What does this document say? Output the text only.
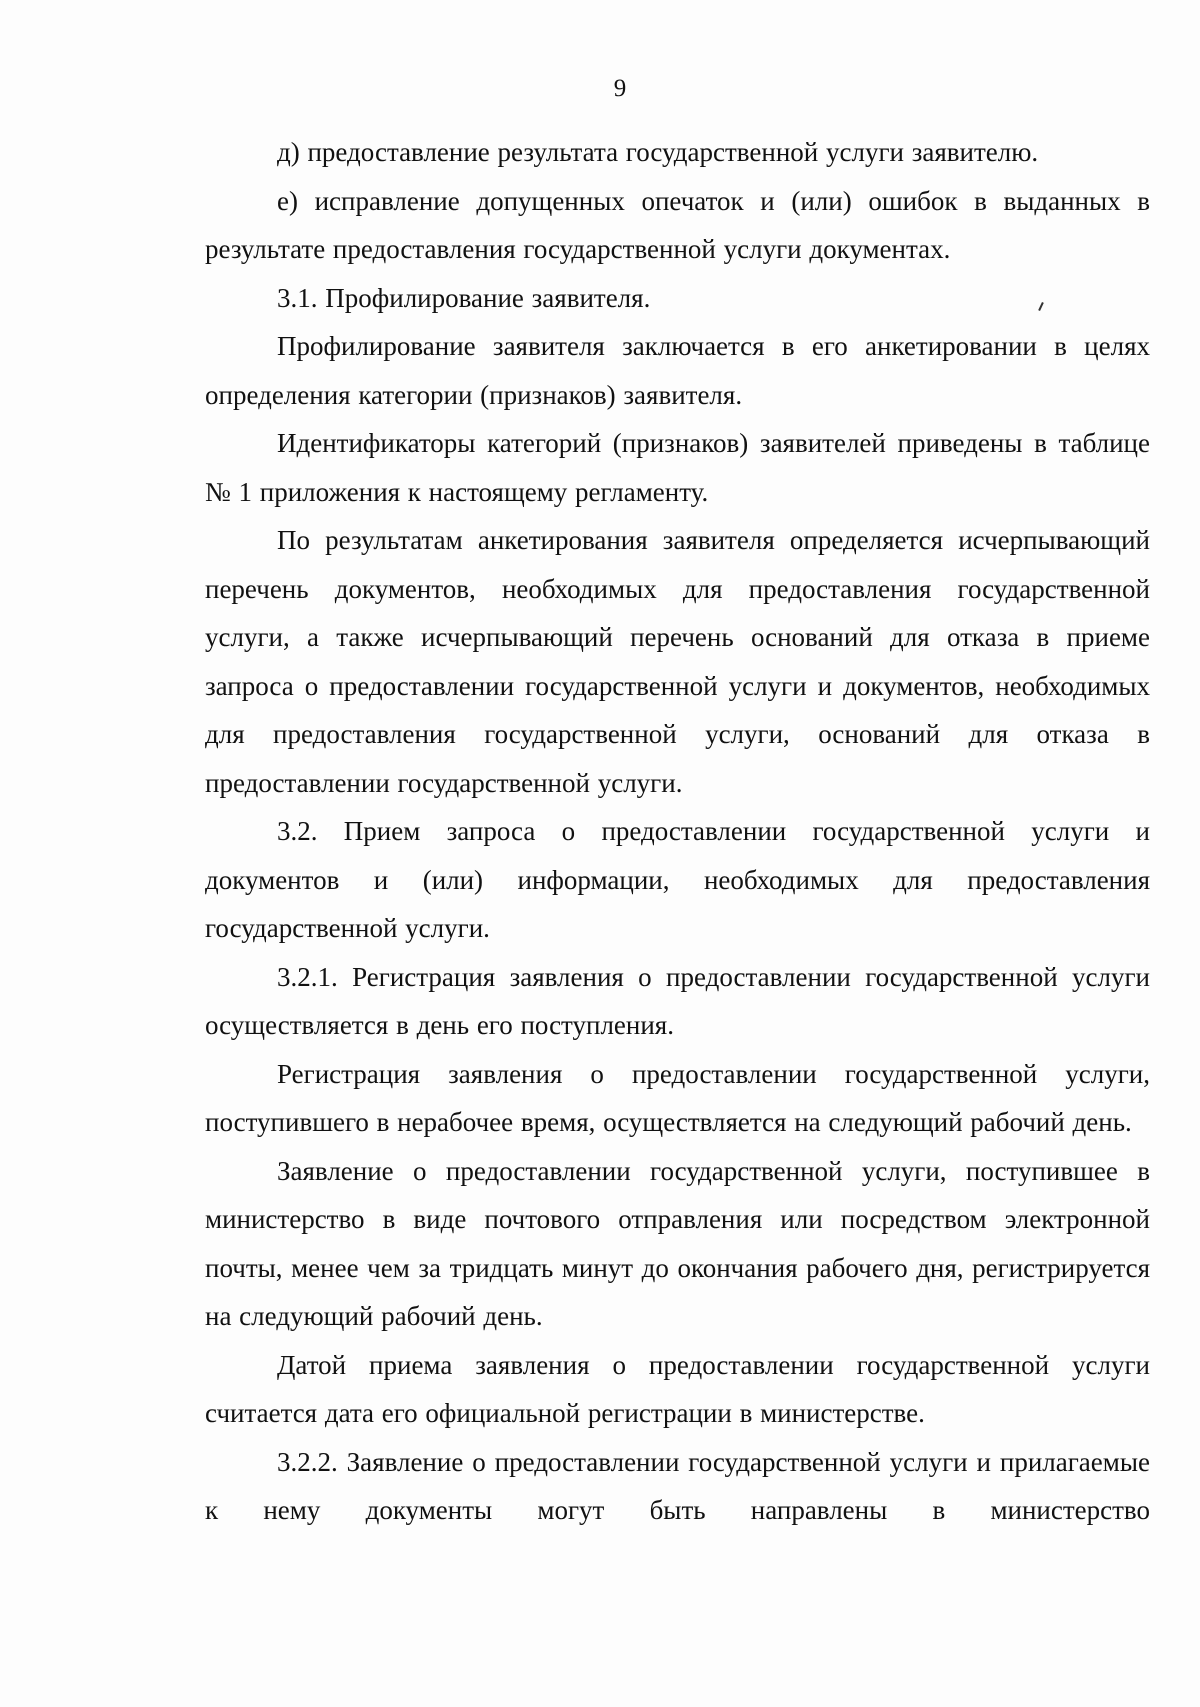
9

д) предоставление результата государственной услуги заявителю.

е) исправление допущенных опечаток и (или) ошибок в выданных в результате предоставления государственной услуги документах.

3.1. Профилирование заявителя.

Профилирование заявителя заключается в его анкетировании в целях определения категории (признаков) заявителя.

Идентификаторы категорий (признаков) заявителей приведены в таблице № 1 приложения к настоящему регламенту.

По результатам анкетирования заявителя определяется исчерпывающий перечень документов, необходимых для предоставления государственной услуги, а также исчерпывающий перечень оснований для отказа в приеме запроса о предоставлении государственной услуги и документов, необходимых для предоставления государственной услуги, оснований для отказа в предоставлении государственной услуги.

3.2. Прием запроса о предоставлении государственной услуги и документов и (или) информации, необходимых для предоставления государственной услуги.

3.2.1. Регистрация заявления о предоставлении государственной услуги осуществляется в день его поступления.

Регистрация заявления о предоставлении государственной услуги, поступившего в нерабочее время, осуществляется на следующий рабочий день.

Заявление о предоставлении государственной услуги, поступившее в министерство в виде почтового отправления или посредством электронной почты, менее чем за тридцать минут до окончания рабочего дня, регистрируется на следующий рабочий день.

Датой приема заявления о предоставлении государственной услуги считается дата его официальной регистрации в министерстве.

3.2.2. Заявление о предоставлении государственной услуги и прилагаемые к нему документы могут быть направлены в министерство
